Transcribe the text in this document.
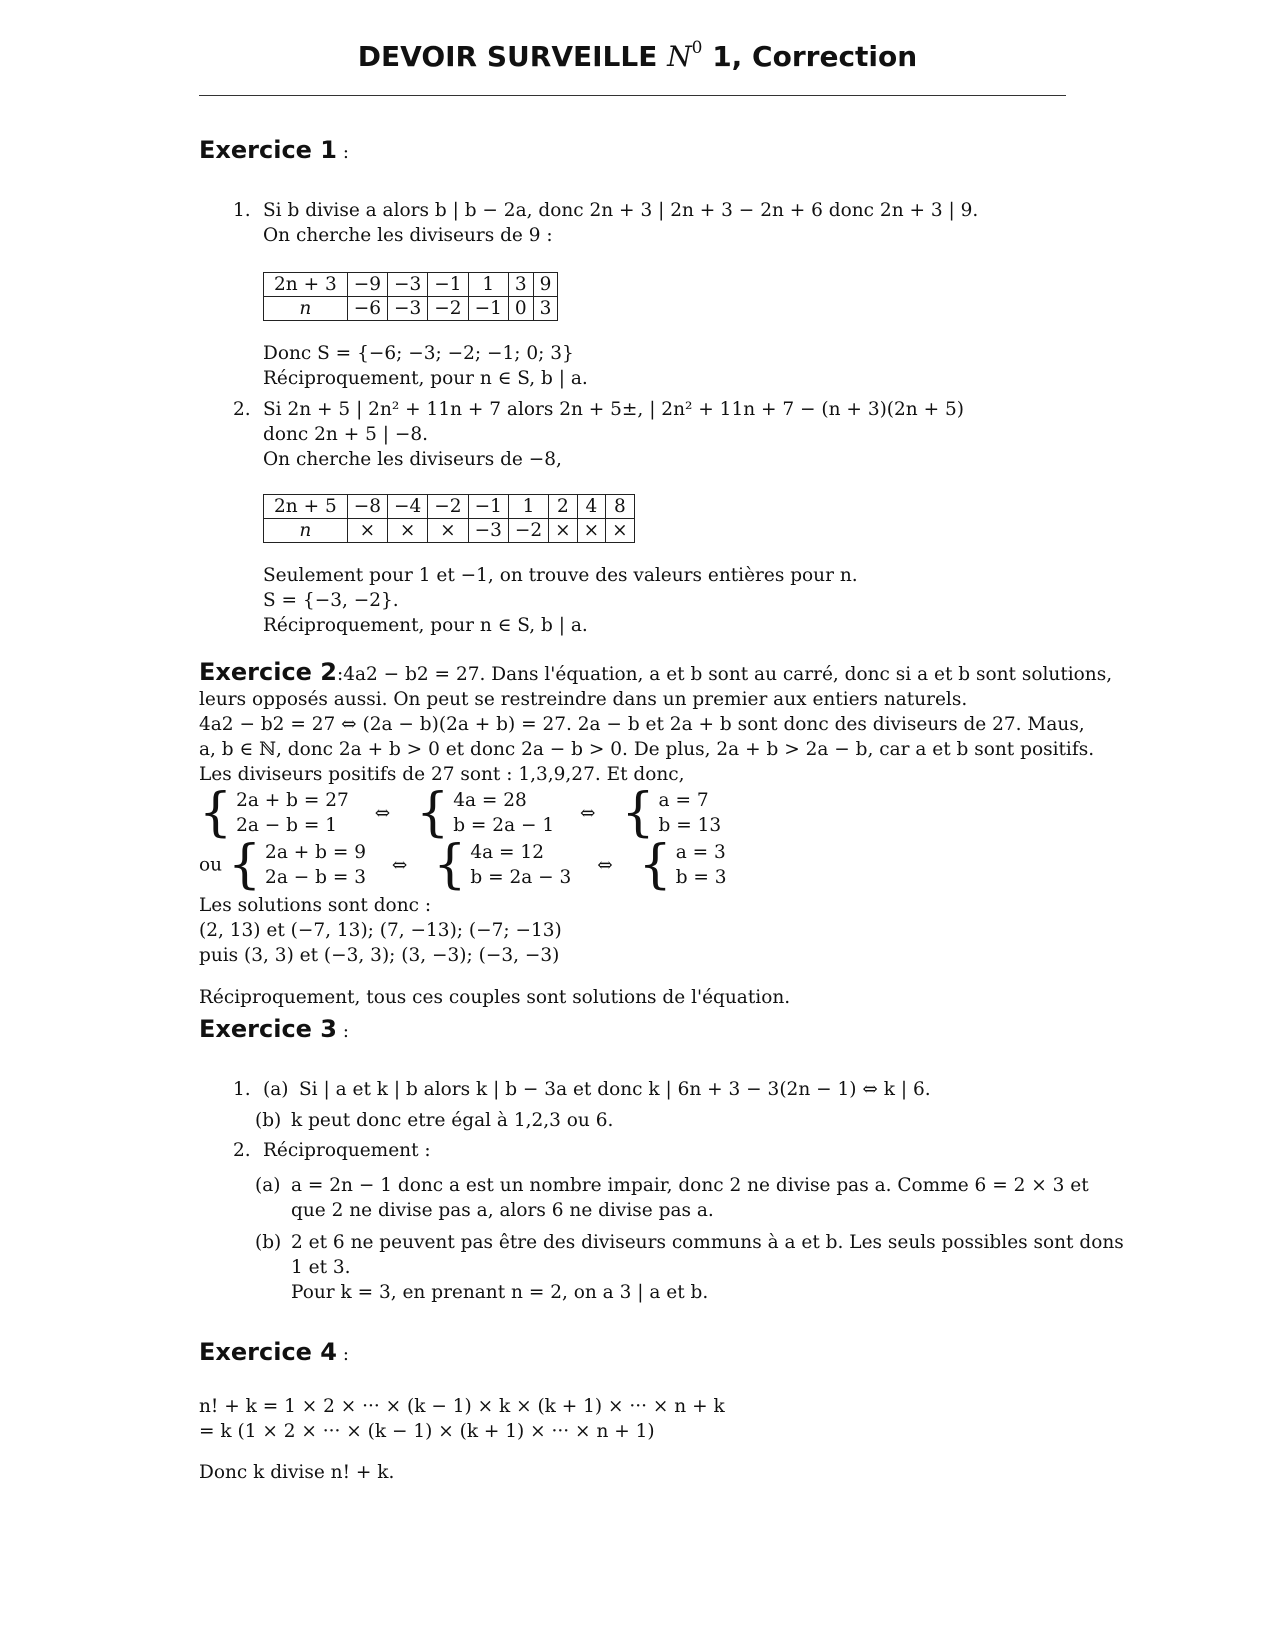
DEVOIR SURVEILLE $N^0$ 1, Correction
Exercice 1 :
1. Si b divise a alors b | b − 2a, donc 2n + 3 | 2n + 3 − 2n + 6 donc 2n + 3 | 9.
On cherche les diviseurs de 9 :
2n + 3	−9	−3	−1	1	3	9
n	−6	−3	−2	−1	0	3
Donc S = {−6; −3; −2; −1; 0; 3}
Réciproquement, pour n ∈ S, b | a.
2. Si 2n + 5 | 2n² + 11n + 7 alors 2n + 5±, | 2n² + 11n + 7 − (n + 3)(2n + 5)
donc 2n + 5 | −8.
On cherche les diviseurs de −8,
2n + 5	−8	−4	−2	−1	1	2	4	8
n	×	×	×	−3	−2	×	×	×
Seulement pour 1 et −1, on trouve des valeurs entières pour n.
S = {−3, −2}.
Réciproquement, pour n ∈ S, b | a.
Exercice 2:4a2 − b2 = 27. Dans l'équation, a et b sont au carré, donc si a et b sont solutions,
leurs opposés aussi. On peut se restreindre dans un premier aux entiers naturels.
4a2 − b2 = 27 ⇔ (2a − b)(2a + b) = 27. 2a − b et 2a + b sont donc des diviseurs de 27. Maus,
a, b ∈ ℕ, donc 2a + b > 0 et donc 2a − b > 0. De plus, 2a + b > 2a − b, car a et b sont positifs.
Les diviseurs positifs de 27 sont : 1,3,9,27. Et donc,
{ 2a + b = 27
2a − b = 1 ⇔ { 4a = 28
b = 2a − 1 ⇔ { a = 7
b = 13
ou { 2a + b = 9
2a − b = 3 ⇔ { 4a = 12
b = 2a − 3 ⇔ { a = 3
b = 3
Les solutions sont donc :
(2, 13) et (−7, 13); (7, −13); (−7; −13)
puis (3, 3) et (−3, 3); (3, −3); (−3, −3)
Réciproquement, tous ces couples sont solutions de l'équation.
Exercice 3 :
1. (a) Si | a et k | b alors k | b − 3a et donc k | 6n + 3 − 3(2n − 1) ⇔ k | 6.
(b) k peut donc etre égal à 1,2,3 ou 6.
2. Réciproquement :
(a) a = 2n − 1 donc a est un nombre impair, donc 2 ne divise pas a. Comme 6 = 2 × 3 et
que 2 ne divise pas a, alors 6 ne divise pas a.
(b) 2 et 6 ne peuvent pas être des diviseurs communs à a et b. Les seuls possibles sont dons
1 et 3.
Pour k = 3, en prenant n = 2, on a 3 | a et b.
Exercice 4 :
n! + k = 1 × 2 × ··· × (k − 1) × k × (k + 1) × ··· × n + k
= k (1 × 2 × ··· × (k − 1) × (k + 1) × ··· × n + 1)
Donc k divise n! + k.
